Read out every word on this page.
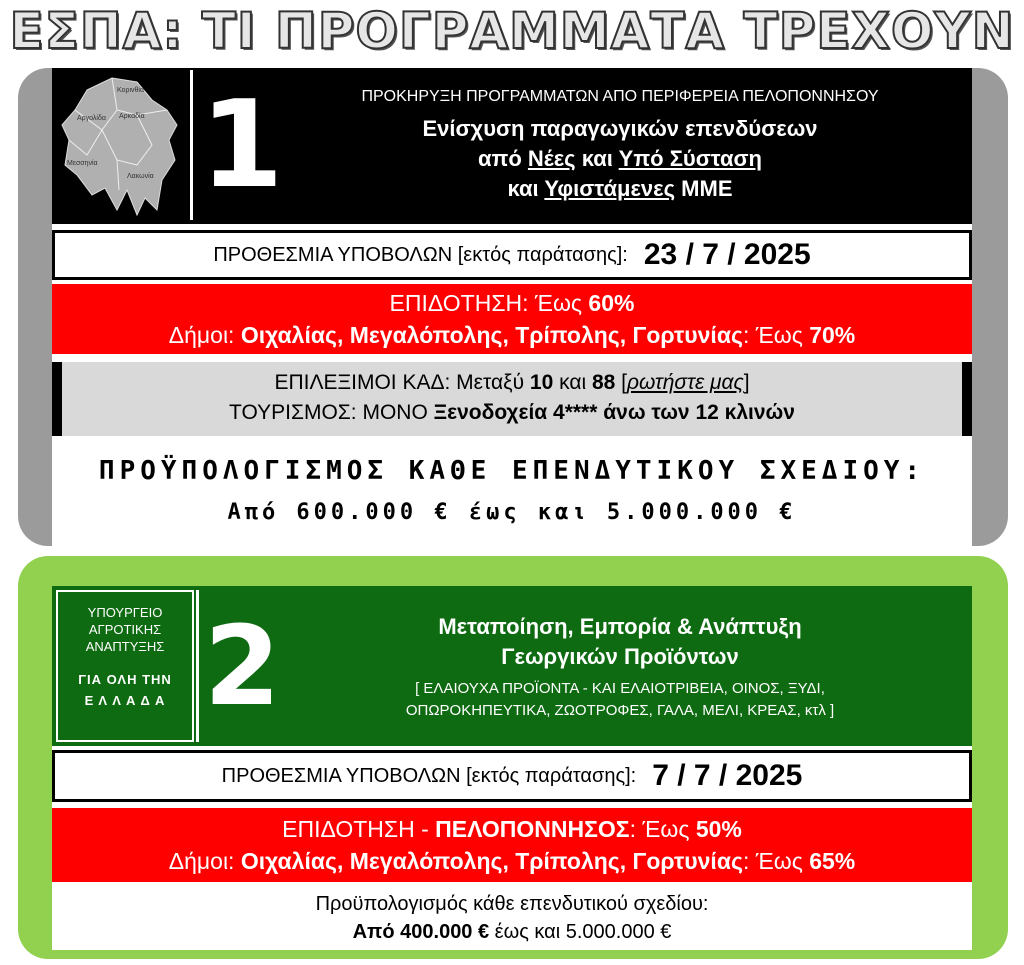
ΕΣΠΑ: ΤΙ ΠΡΟΓΡΑΜΜΑΤΑ ΤΡΕΧΟΥΝ
Κορινθία
Αργολίδα Αρκαδία
Μεσσηνία
Λακωνία 1	ΠΡΟΚΗΡΥΞΗ ΠΡΟΓΡΑΜΜΑΤΩΝ ΑΠΟ ΠΕΡΙΦΕΡΕΙΑ ΠΕΛΟΠΟΝΝΗΣΟΥ
Ενίσχυση παραγωγικών επενδύσεων
από Νέες και Υπό Σύσταση
και Υφιστάμενες ΜΜΕ
ΠΡΟΘΕΣΜΙΑ ΥΠΟΒΟΛΩΝ [εκτός παράτασης]: 23 / 7 / 2025
ΕΠΙΔΟΤΗΣΗ: Έως 60%
Δήμοι: Οιχαλίας, Μεγαλόπολης, Τρίπολης, Γορτυνίας: Έως 70%
ΕΠΙΛΕΞΙΜΟΙ ΚΑΔ: Μεταξύ 10 και 88 [ρωτήστε μας]
ΤΟΥΡΙΣΜΟΣ: ΜΟΝΟ Ξενοδοχεία 4**** άνω των 12 κλινών
ΠΡΟΫΠΟΛΟΓΙΣΜΟΣ ΚΑΘΕ ΕΠΕΝΔΥΤΙΚΟΥ ΣΧΕΔΙΟΥ:
Από 600.000 € έως και 5.000.000 €
ΥΠΟΥΡΓΕΙΟ
ΑΓΡΟΤΙΚΗΣ
ΑΝΑΠΤΥΞΗΣ
ΓΙΑ ΟΛΗ ΤΗΝ
Ε Λ Λ Α Δ Α 2	Μεταποίηση, Εμπορία & Ανάπτυξη
Γεωργικών Προϊόντων
[ ΕΛΑΙΟΥΧΑ ΠΡΟΪΟΝΤΑ - ΚΑΙ ΕΛΑΙΟΤΡΙΒΕΙΑ, ΟΙΝΟΣ, ΞΥΔΙ,
ΟΠΩΡΟΚΗΠΕΥΤΙΚΑ, ΖΩΟΤΡΟΦΕΣ, ΓΑΛΑ, ΜΕΛΙ, ΚΡΕΑΣ, κτλ ]
ΠΡΟΘΕΣΜΙΑ ΥΠΟΒΟΛΩΝ [εκτός παράτασης]: 7 / 7 / 2025
ΕΠΙΔΟΤΗΣΗ - ΠΕΛΟΠΟΝΝΗΣΟΣ: Έως 50%
Δήμοι: Οιχαλίας, Μεγαλόπολης, Τρίπολης, Γορτυνίας: Έως 65%
Προϋπολογισμός κάθε επενδυτικού σχεδίου:
Από 400.000 € έως και 5.000.000 €
